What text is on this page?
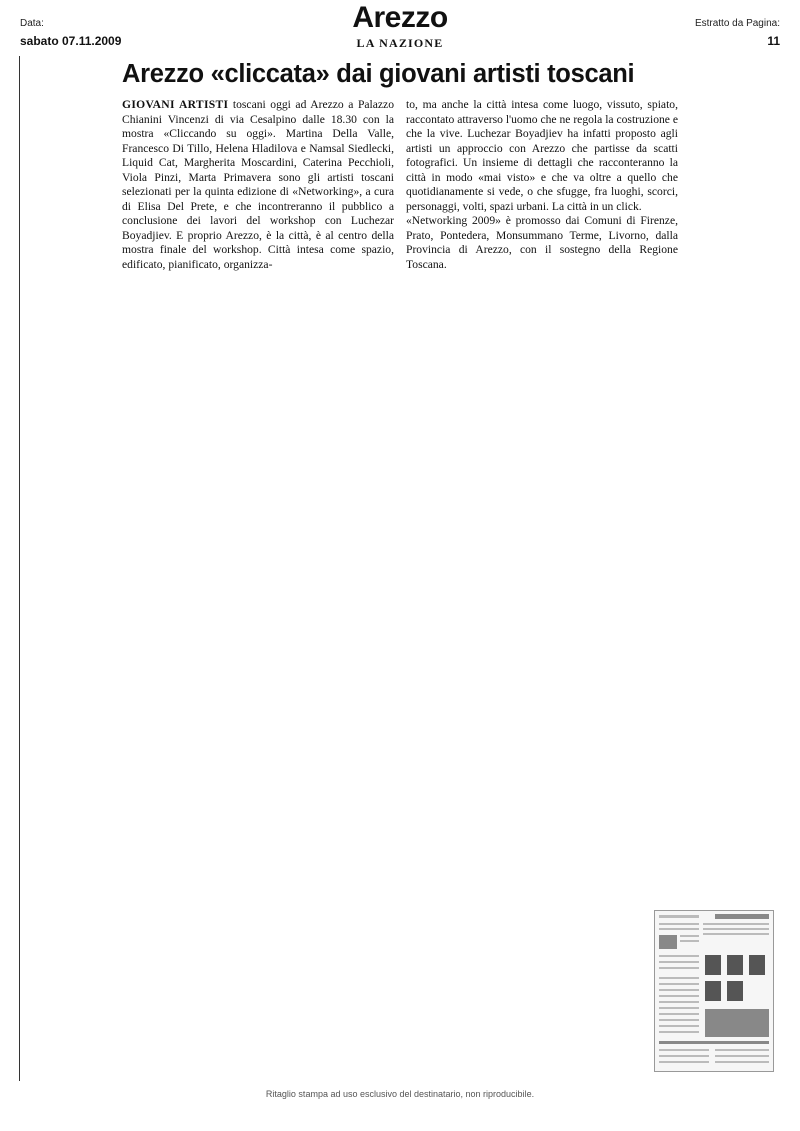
Data:
sabato 07.11.2009
Arezzo
LA NAZIONE
Estratto da Pagina:
11
Arezzo «cliccata» dai giovani artisti toscani

GIOVANI ARTISTI toscani oggi ad Arezzo a Palazzo Chianini Vincenzi di via Cesalpino dalle 18.30 con la mostra «Cliccando su oggi». Martina Della Valle, Francesco Di Tillo, Helena Hladilova e Namsal Siedlecki, Liquid Cat, Margherita Moscardini, Caterina Pecchioli, Viola Pinzi, Marta Primavera sono gli artisti toscani selezionati per la quinta edizione di «Networking», a cura di Elisa Del Prete, e che incontreranno il pubblico a conclusione dei lavori del workshop con Luchezar Boyadjiev. E proprio Arezzo, è la città, è al centro della mostra finale del workshop. Città intesa come spazio, edificato, pianificato, organizza-

to, ma anche la città intesa come luogo, vissuto, spiato, raccontato attraverso l'uomo che ne regola la costruzione e che la vive. Luchezar Boyadjiev ha infatti proposto agli artisti un approccio con Arezzo che partisse da scatti fotografici. Un insieme di dettagli che racconteranno la città in modo «mai visto» e che va oltre a quello che quotidianamente si vede, o che sfugge, fra luoghi, scorci, personaggi, volti, spazi urbani. La città in un click.

«Networking 2009» è promosso dai Comuni di Firenze, Prato, Pontedera, Monsummano Terme, Livorno, dalla Provincia di Arezzo, con il sostegno della Regione Toscana.

Ritaglio stampa ad uso esclusivo del destinatario, non riproducibile.
